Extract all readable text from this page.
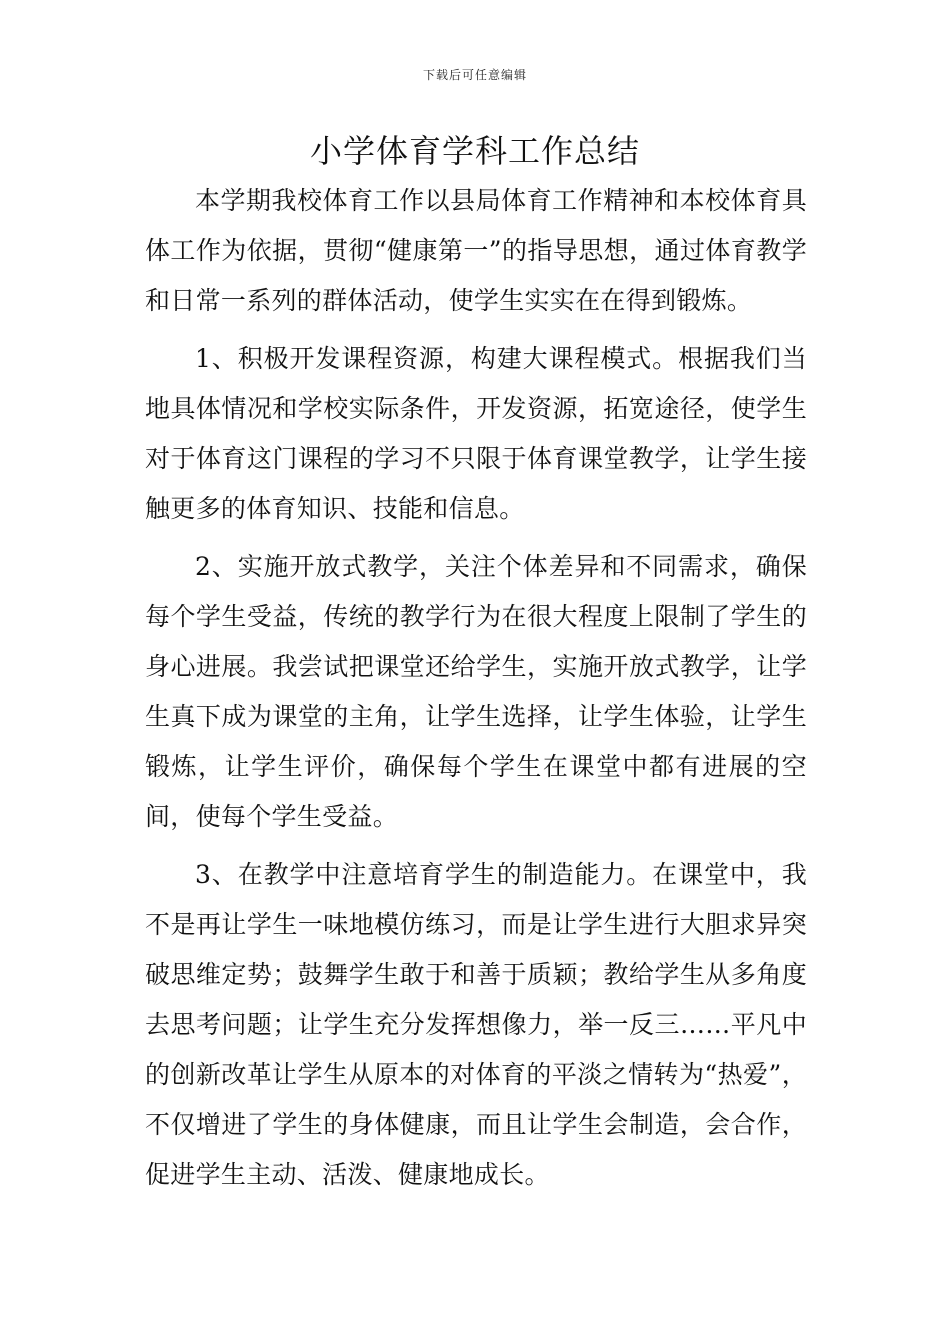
下载后可任意编辑
小学体育学科工作总结

本学期我校体育工作以县局体育工作精神和本校体育具体工作为依据，贯彻“健康第一”的指导思想，通过体育教学和日常一系列的群体活动，使学生实实在在得到锻炼。

1、积极开发课程资源，构建大课程模式。根据我们当地具体情况和学校实际条件，开发资源，拓宽途径，使学生对于体育这门课程的学习不只限于体育课堂教学，让学生接触更多的体育知识、技能和信息。

2、实施开放式教学，关注个体差异和不同需求，确保每个学生受益，传统的教学行为在很大程度上限制了学生的身心进展。我尝试把课堂还给学生，实施开放式教学，让学生真下成为课堂的主角，让学生选择，让学生体验，让学生锻炼，让学生评价，确保每个学生在课堂中都有进展的空间，使每个学生受益。

3、在教学中注意培育学生的制造能力。在课堂中，我不是再让学生一味地模仿练习，而是让学生进行大胆求异突破思维定势；鼓舞学生敢于和善于质颖；教给学生从多角度去思考问题；让学生充分发挥想像力，举一反三……平凡中的创新改革让学生从原本的对体育的平淡之情转为“热爱”，不仅增进了学生的身体健康，而且让学生会制造，会合作，促进学生主动、活泼、健康地成长。
